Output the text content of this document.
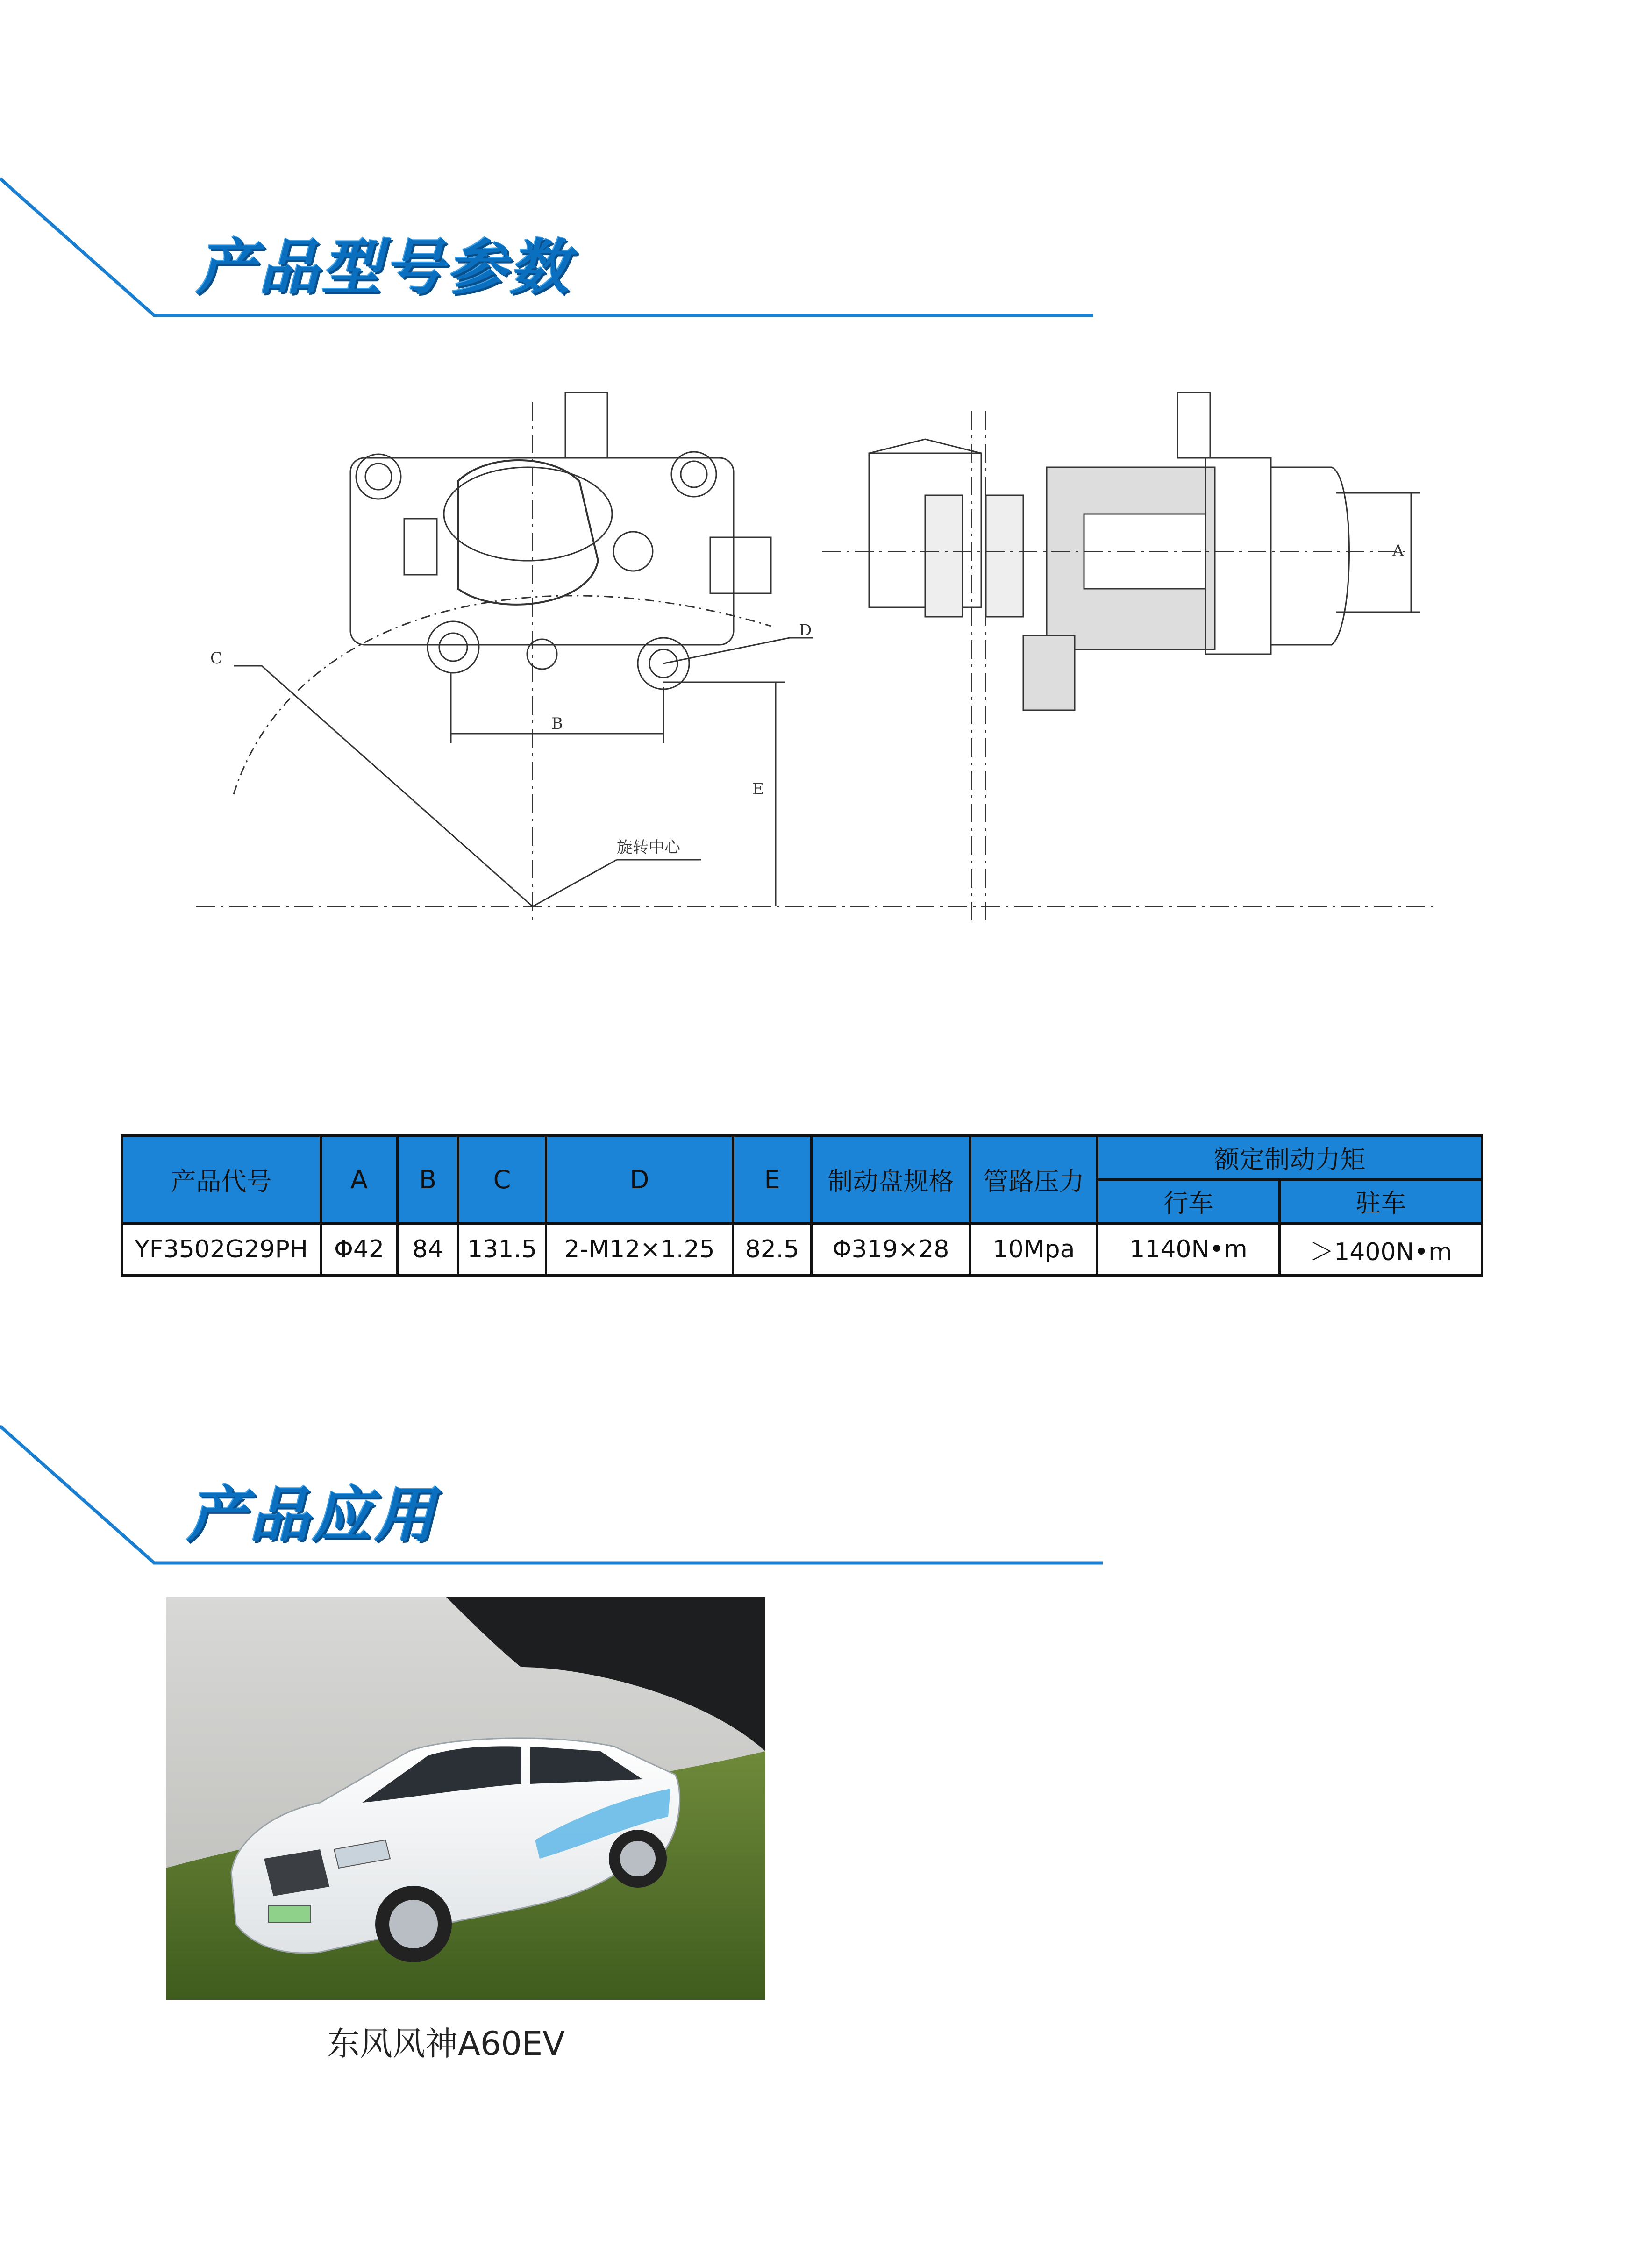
产品型号参数
A
B
C
D
E
旋转中心
产品代号	A	B	C	D	E	制动盘规格	管路压力	额定制动力矩	
								行车	驻车
YF3502G29PH	Φ42	84	131.5	2-M12×1.25	82.5	Φ319×28	10Mpa	1140N•m	＞1400N•m
产品应用
东风风神A60EV
